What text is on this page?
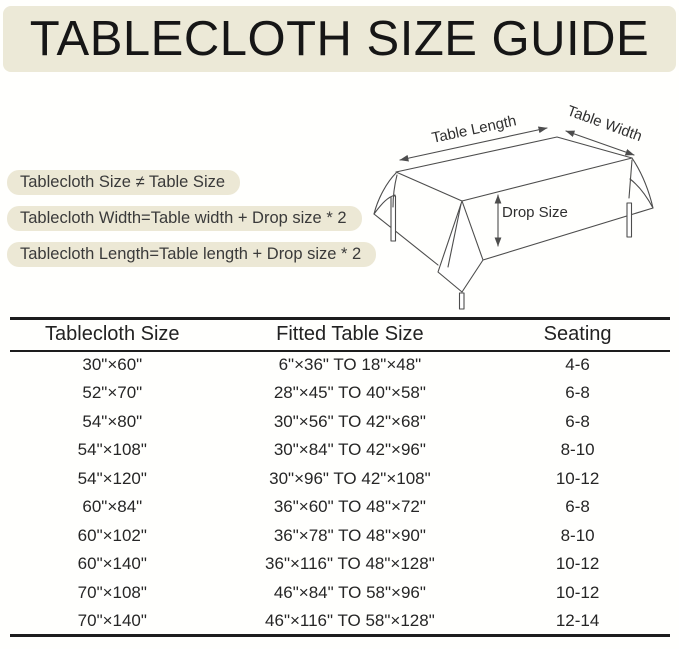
TABLECLOTH SIZE GUIDE
Table Length	Table Width
Drop Size
Tablecloth Size ≠ Table Size
Tablecloth Width=Table width + Drop size * 2
Tablecloth Length=Table length + Drop size * 2
Tablecloth Size	Fitted Table Size	Seating
30"×60"	6"×36" TO 18"×48"	4-6
52"×70"	28"×45" TO 40"×58"	6-8
54"×80"	30"×56" TO 42"×68"	6-8
54"×108"	30"×84" TO 42"×96"	8-10
54"×120"	30"×96" TO 42"×108"	10-12
60"×84"	36"×60" TO 48"×72"	6-8
60"×102"	36"×78" TO 48"×90"	8-10
60"×140"	36"×116" TO 48"×128"	10-12
70"×108"	46"×84" TO 58"×96"	10-12
70"×140"	46"×116" TO 58"×128"	12-14
